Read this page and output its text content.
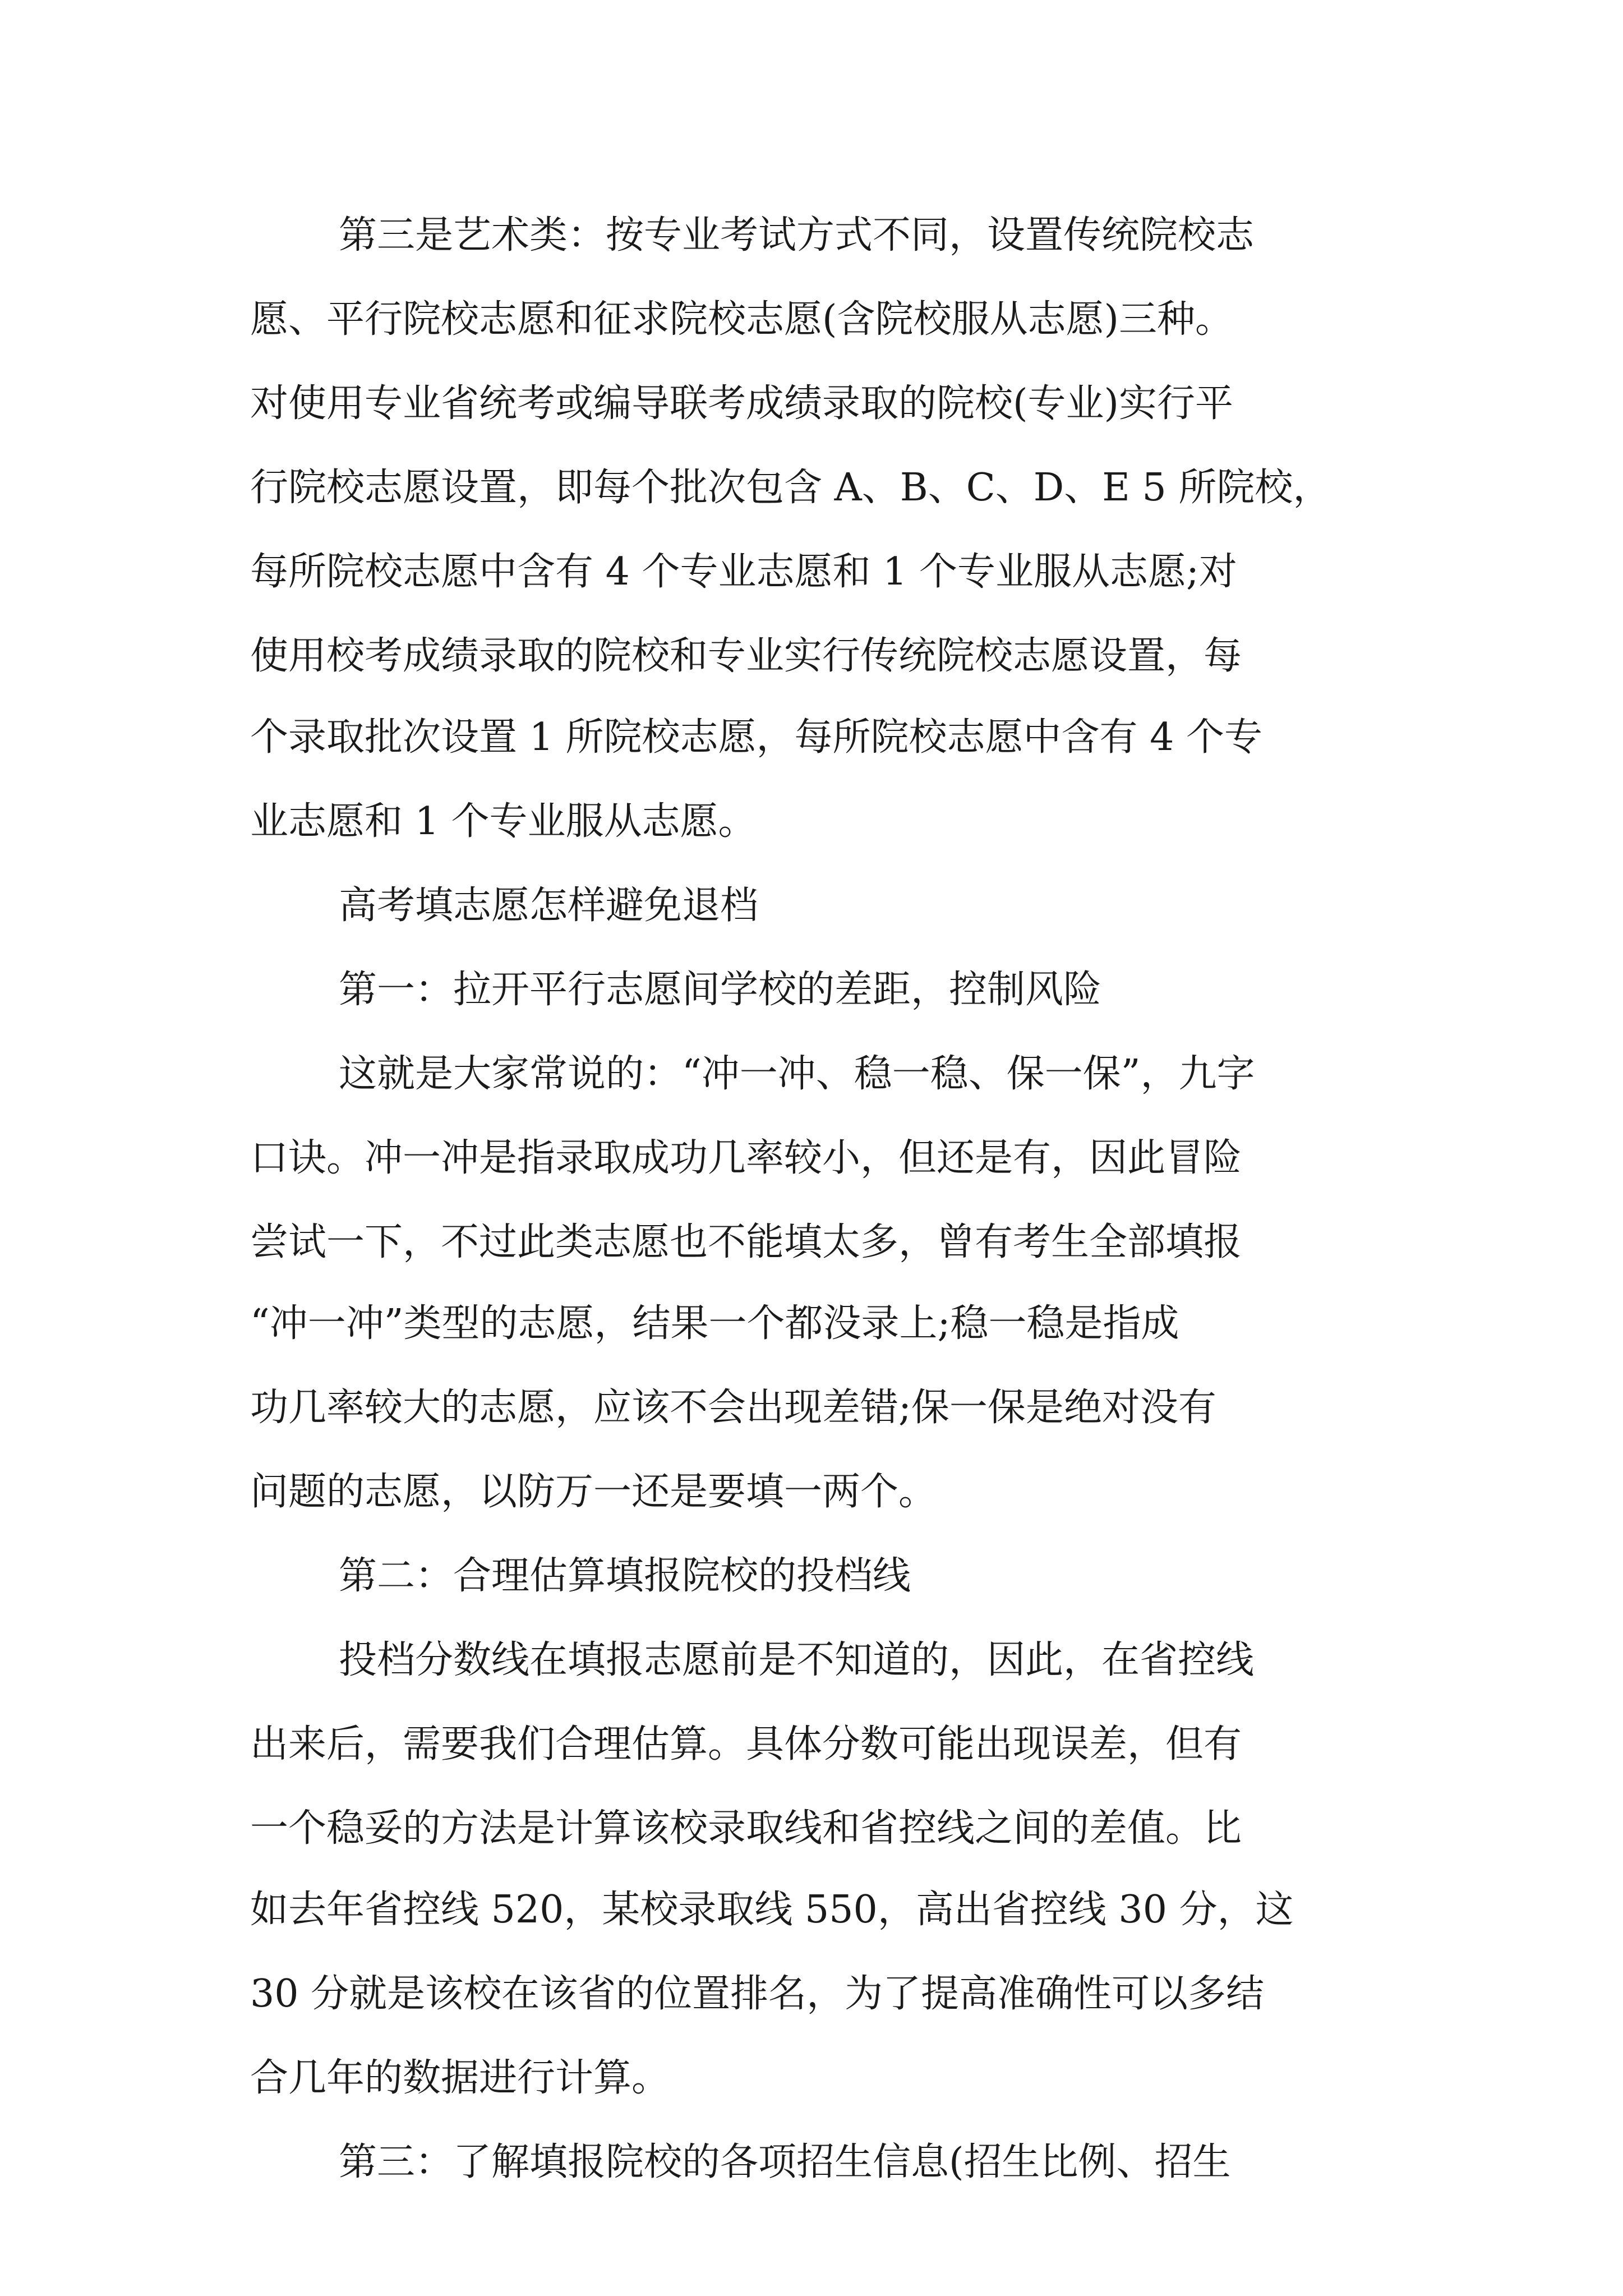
第三是艺术类：按专业考试方式不同，设置传统院校志

愿、平行院校志愿和征求院校志愿(含院校服从志愿)三种。

对使用专业省统考或编导联考成绩录取的院校(专业)实行平

行院校志愿设置，即每个批次包含 A、B、C、D、E 5 所院校，

每所院校志愿中含有 4 个专业志愿和 1 个专业服从志愿;对

使用校考成绩录取的院校和专业实行传统院校志愿设置，每

个录取批次设置 1 所院校志愿，每所院校志愿中含有 4 个专

业志愿和 1 个专业服从志愿。

高考填志愿怎样避免退档

第一：拉开平行志愿间学校的差距，控制风险

这就是大家常说的：“冲一冲、稳一稳、保一保”，九字

口诀。冲一冲是指录取成功几率较小，但还是有，因此冒险

尝试一下，不过此类志愿也不能填太多，曾有考生全部填报

“冲一冲”类型的志愿，结果一个都没录上;稳一稳是指成

功几率较大的志愿，应该不会出现差错;保一保是绝对没有

问题的志愿，以防万一还是要填一两个。

第二：合理估算填报院校的投档线

投档分数线在填报志愿前是不知道的，因此，在省控线

出来后，需要我们合理估算。具体分数可能出现误差，但有

一个稳妥的方法是计算该校录取线和省控线之间的差值。比

如去年省控线 520，某校录取线 550，高出省控线 30 分，这

30 分就是该校在该省的位置排名，为了提高准确性可以多结

合几年的数据进行计算。

第三：了解填报院校的各项招生信息(招生比例、招生
